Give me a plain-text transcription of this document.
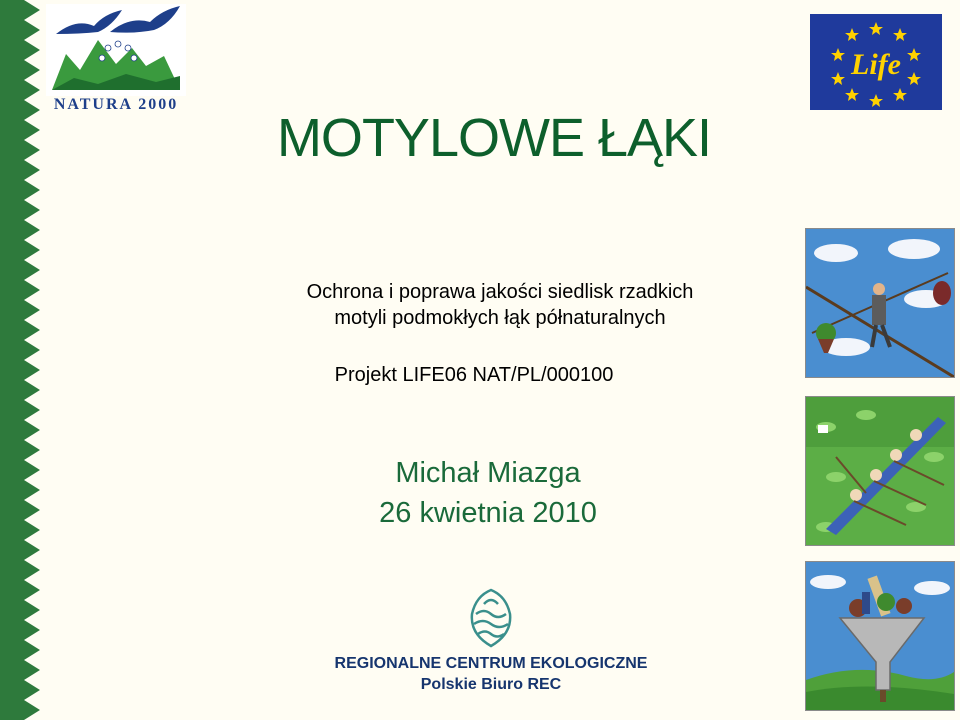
NATURA 2000
Life
MOTYLOWE ŁĄKI
Ochrona i poprawa jakości siedlisk rzadkich
motyli podmokłych łąk półnaturalnych
Projekt LIFE06 NAT/PL/000100
Michał Miazga
26 kwietnia 2010
REGIONALNE CENTRUM EKOLOGICZNE
Polskie Biuro REC
